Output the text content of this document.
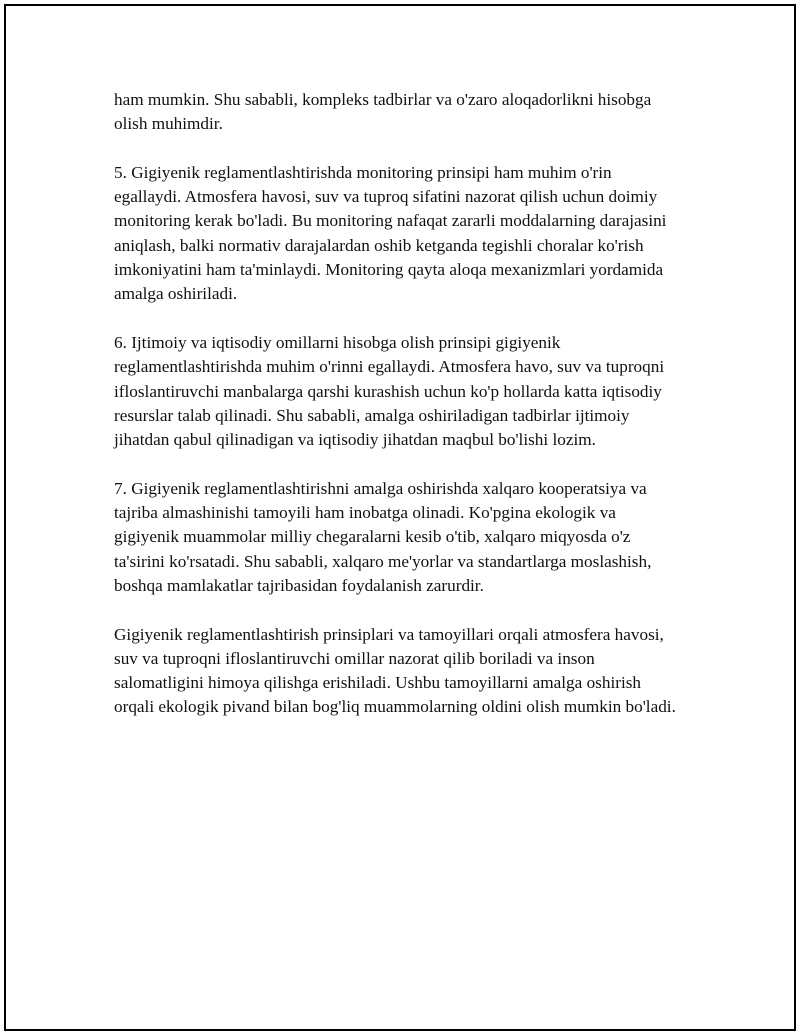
ham mumkin. Shu sababli, kompleks tadbirlar va o'zaro aloqadorlikni hisobga olish muhimdir.

5. Gigiyenik reglamentlashtirishda monitoring prinsipi ham muhim o'rin egallaydi. Atmosfera havosi, suv va tuproq sifatini nazorat qilish uchun doimiy monitoring kerak bo'ladi. Bu monitoring nafaqat zararli moddalarning darajasini aniqlash, balki normativ darajalardan oshib ketganda tegishli choralar ko'rish imkoniyatini ham ta'minlaydi. Monitoring qayta aloqa mexanizmlari yordamida amalga oshiriladi.

6. Ijtimoiy va iqtisodiy omillarni hisobga olish prinsipi gigiyenik reglamentlashtirishda muhim o'rinni egallaydi. Atmosfera havo, suv va tuproqni ifloslantiruvchi manbalarga qarshi kurashish uchun ko'p hollarda katta iqtisodiy resurslar talab qilinadi. Shu sababli, amalga oshiriladigan tadbirlar ijtimoiy jihatdan qabul qilinadigan va iqtisodiy jihatdan maqbul bo'lishi lozim.

7. Gigiyenik reglamentlashtirishni amalga oshirishda xalqaro kooperatsiya va tajriba almashinishi tamoyili ham inobatga olinadi. Ko'pgina ekologik va gigiyenik muammolar milliy chegaralarni kesib o'tib, xalqaro miqyosda o'z ta'sirini ko'rsatadi. Shu sababli, xalqaro me'yorlar va standartlarga moslashish, boshqa mamlakatlar tajribasidan foydalanish zarurdir.

Gigiyenik reglamentlashtirish prinsiplari va tamoyillari orqali atmosfera havosi, suv va tuproqni ifloslantiruvchi omillar nazorat qilib boriladi va inson salomatligini himoya qilishga erishiladi. Ushbu tamoyillarni amalga oshirish orqali ekologik pivand bilan bog'liq muammolarning oldini olish mumkin bo'ladi.
